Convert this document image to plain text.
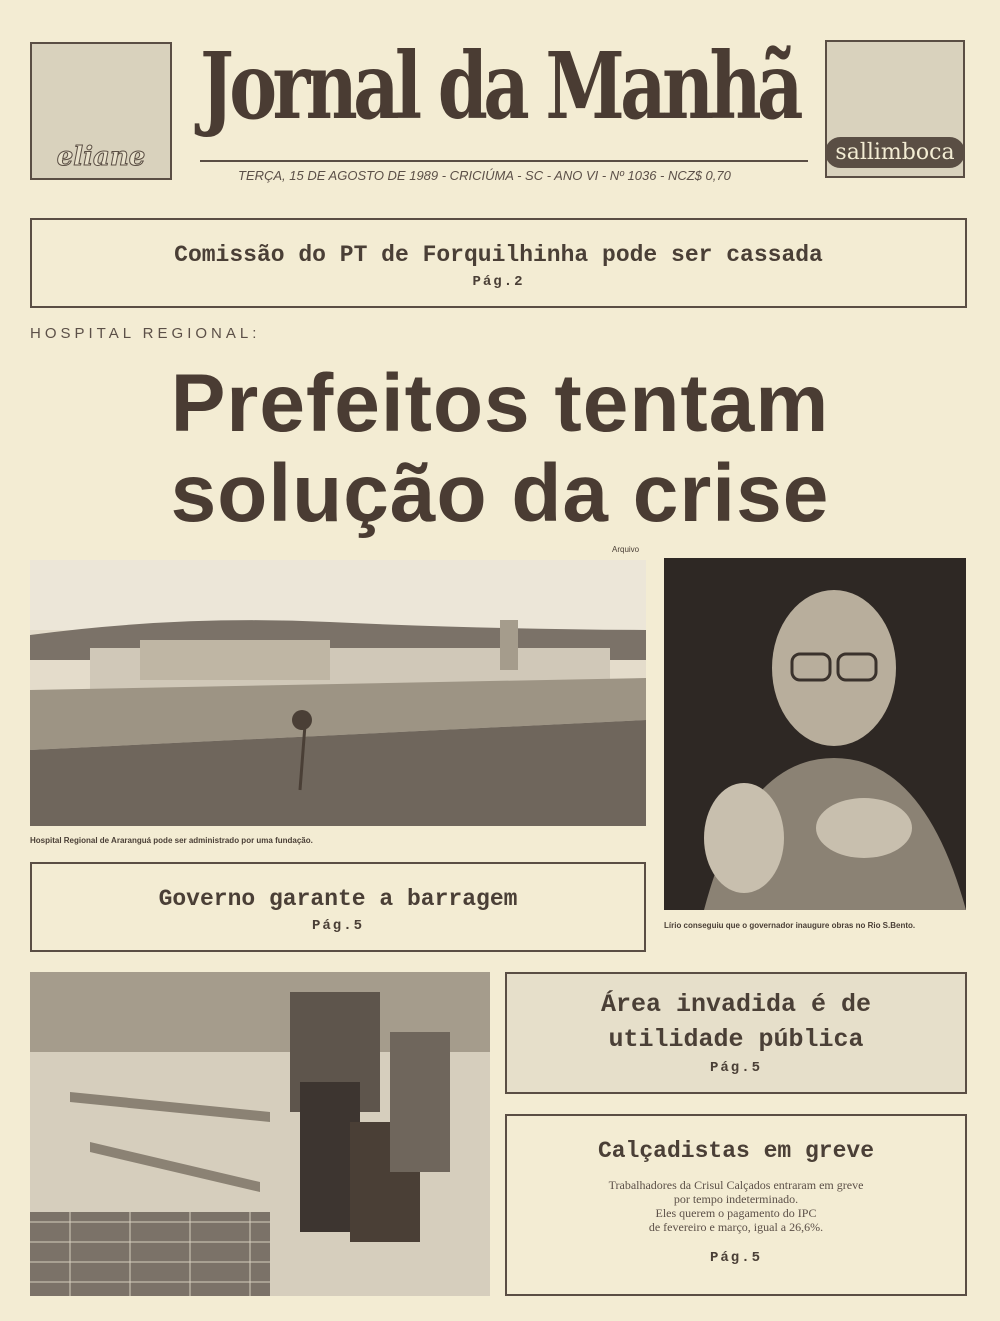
eliane	sallimboca
Jornal da Manhã
TERÇA, 15 DE AGOSTO DE 1989 - CRICIÚMA - SC - ANO VI - Nº 1036 - NCZ$ 0,70
Comissão do PT de Forquilhinha pode ser cassada
Pág.2
HOSPITAL REGIONAL:
Prefeitos tentam
solução da crise
Arquivo
Hospital Regional de Araranguá pode ser administrado por uma fundação.
Lírio conseguiu que o governador inaugure obras no Rio S.Bento.
Governo garante a barragem
Pág.5
Área invadida é de
utilidade pública
Pág.5
Calçadistas em greve
Trabalhadores da Crisul Calçados entraram em greve
por tempo indeterminado.
Eles querem o pagamento do IPC
de fevereiro e março, igual a 26,6%.
Pág.5
